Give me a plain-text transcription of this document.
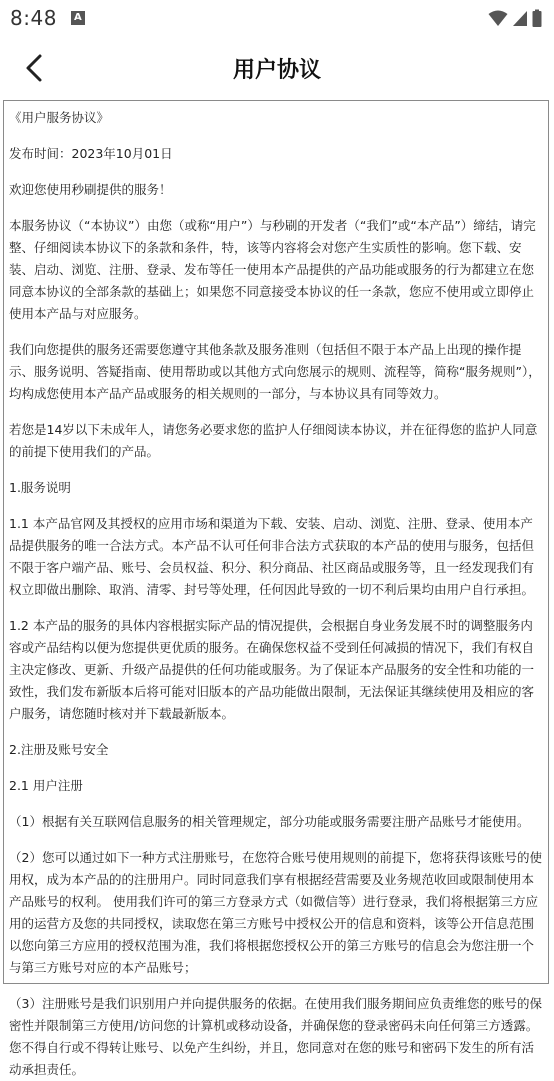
8:48	A
用户协议

《用户服务协议》

发布时间：2023年10月01日

欢迎您使用秒刷提供的服务！

本服务协议（“本协议”）由您（或称“用户”）与秒刷的开发者（“我们”或“本产品”）缔结，请完整、仔细阅读本协议下的条款和条件，特，该等内容将会对您产生实质性的影响。您下载、安装、启动、浏览、注册、登录、发布等任一使用本产品提供的产品功能或服务的行为都建立在您同意本协议的全部条款的基础上；如果您不同意接受本协议的任一条款，您应不使用或立即停止使用本产品与对应服务。

我们向您提供的服务还需要您遵守其他条款及服务准则（包括但不限于本产品上出现的操作提示、服务说明、答疑指南、使用帮助或以其他方式向您展示的规则、流程等，简称“服务规则”），均构成您使用本产品产品或服务的相关规则的一部分，与本协议具有同等效力。

若您是14岁以下未成年人，请您务必要求您的监护人仔细阅读本协议，并在征得您的监护人同意的前提下使用我们的产品。

1.服务说明

1.1 本产品官网及其授权的应用市场和渠道为下载、安装、启动、浏览、注册、登录、使用本产品提供服务的唯一合法方式。本产品不认可任何非合法方式获取的本产品的使用与服务，包括但不限于客户端产品、账号、会员权益、积分、积分商品、社区商品或服务等，且一经发现我们有权立即做出删除、取消、清零、封号等处理，任何因此导致的一切不利后果均由用户自行承担。

1.2 本产品的服务的具体内容根据实际产品的情况提供，会根据自身业务发展不时的调整服务内容或产品结构以便为您提供更优质的服务。在确保您权益不受到任何减损的情况下，我们有权自主决定修改、更新、升级产品提供的任何功能或服务。为了保证本产品服务的安全性和功能的一致性，我们发布新版本后将可能对旧版本的产品功能做出限制，无法保证其继续使用及相应的客户服务，请您随时核对并下载最新版本。

2.注册及账号安全

2.1 用户注册

（1）根据有关互联网信息服务的相关管理规定，部分功能或服务需要注册产品账号才能使用。

（2）您可以通过如下一种方式注册账号，在您符合账号使用规则的前提下，您将获得该账号的使用权，成为本产品的的注册用户。同时同意我们享有根据经营需要及业务规范收回或限制使用本产品账号的权利。 使用我们许可的第三方登录方式（如微信等）进行登录，我们将根据第三方应用的运营方及您的共同授权，读取您在第三方账号中授权公开的信息和资料，该等公开信息范围以您向第三方应用的授权范围为准，我们将根据您授权公开的第三方账号的信息会为您注册一个与第三方账号对应的本产品账号；

（3）注册账号是我们识别用户并向提供服务的依据。在使用我们服务期间应负责维您的账号的保密性并限制第三方使用/访问您的计算机或移动设备，并确保您的登录密码未向任何第三方透露。您不得自行或不得转让账号、以免产生纠纷，并且，您同意对在您的账号和密码下发生的所有活动承担责任。
